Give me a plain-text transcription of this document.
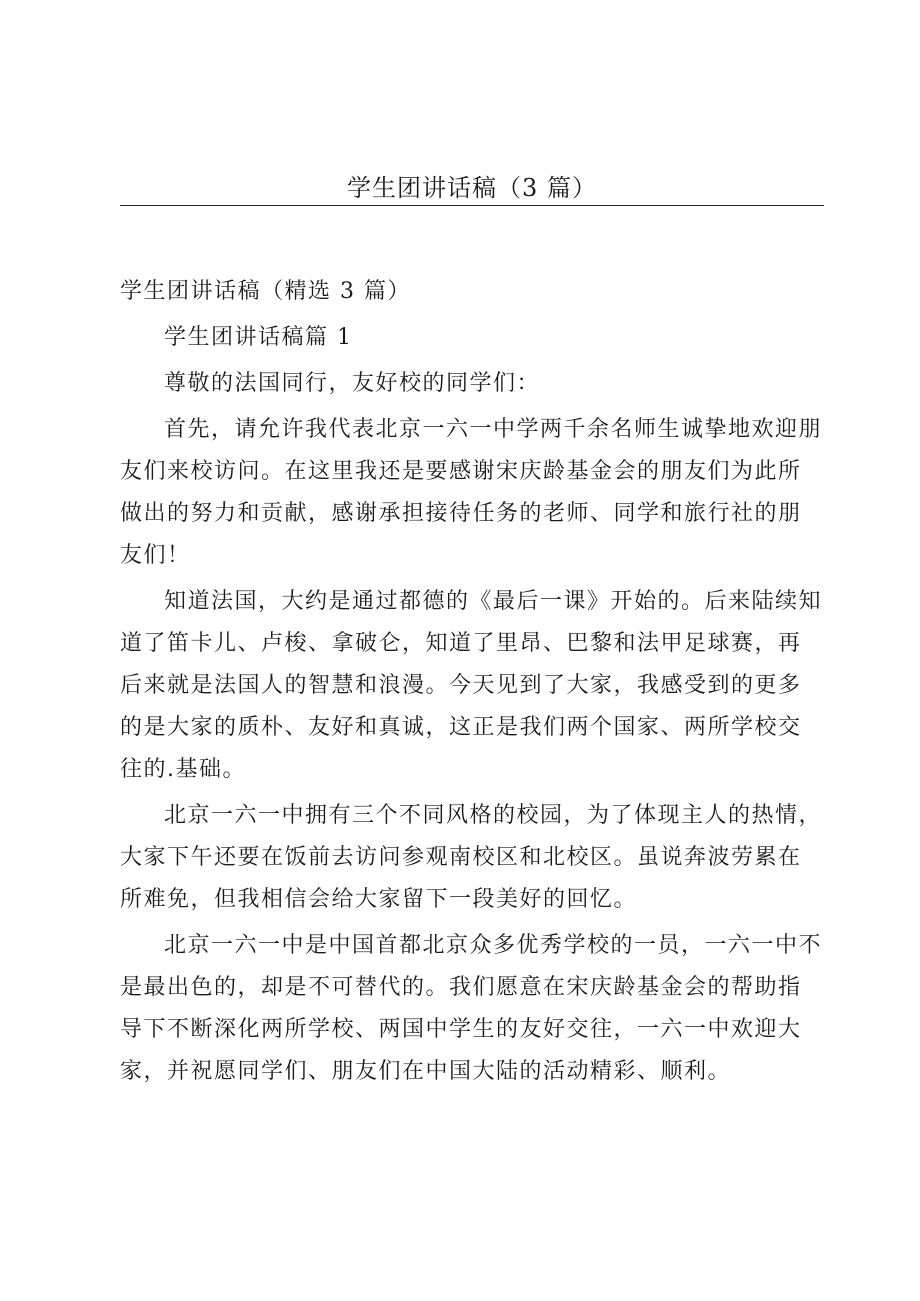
学生团讲话稿（3 篇）

学生团讲话稿（精选 3 篇）

学生团讲话稿篇 1

尊敬的法国同行，友好校的同学们：

首先，请允许我代表北京一六一中学两千余名师生诚挚地欢迎朋友们来校访问。在这里我还是要感谢宋庆龄基金会的朋友们为此所做出的努力和贡献，感谢承担接待任务的老师、同学和旅行社的朋友们！

知道法国，大约是通过都德的《最后一课》开始的。后来陆续知道了笛卡儿、卢梭、拿破仑，知道了里昂、巴黎和法甲足球赛，再后来就是法国人的智慧和浪漫。今天见到了大家，我感受到的更多的是大家的质朴、友好和真诚，这正是我们两个国家、两所学校交往的.基础。

北京一六一中拥有三个不同风格的校园，为了体现主人的热情，大家下午还要在饭前去访问参观南校区和北校区。虽说奔波劳累在所难免，但我相信会给大家留下一段美好的回忆。

北京一六一中是中国首都北京众多优秀学校的一员，一六一中不是最出色的，却是不可替代的。我们愿意在宋庆龄基金会的帮助指导下不断深化两所学校、两国中学生的友好交往，一六一中欢迎大家，并祝愿同学们、朋友们在中国大陆的活动精彩、顺利。
